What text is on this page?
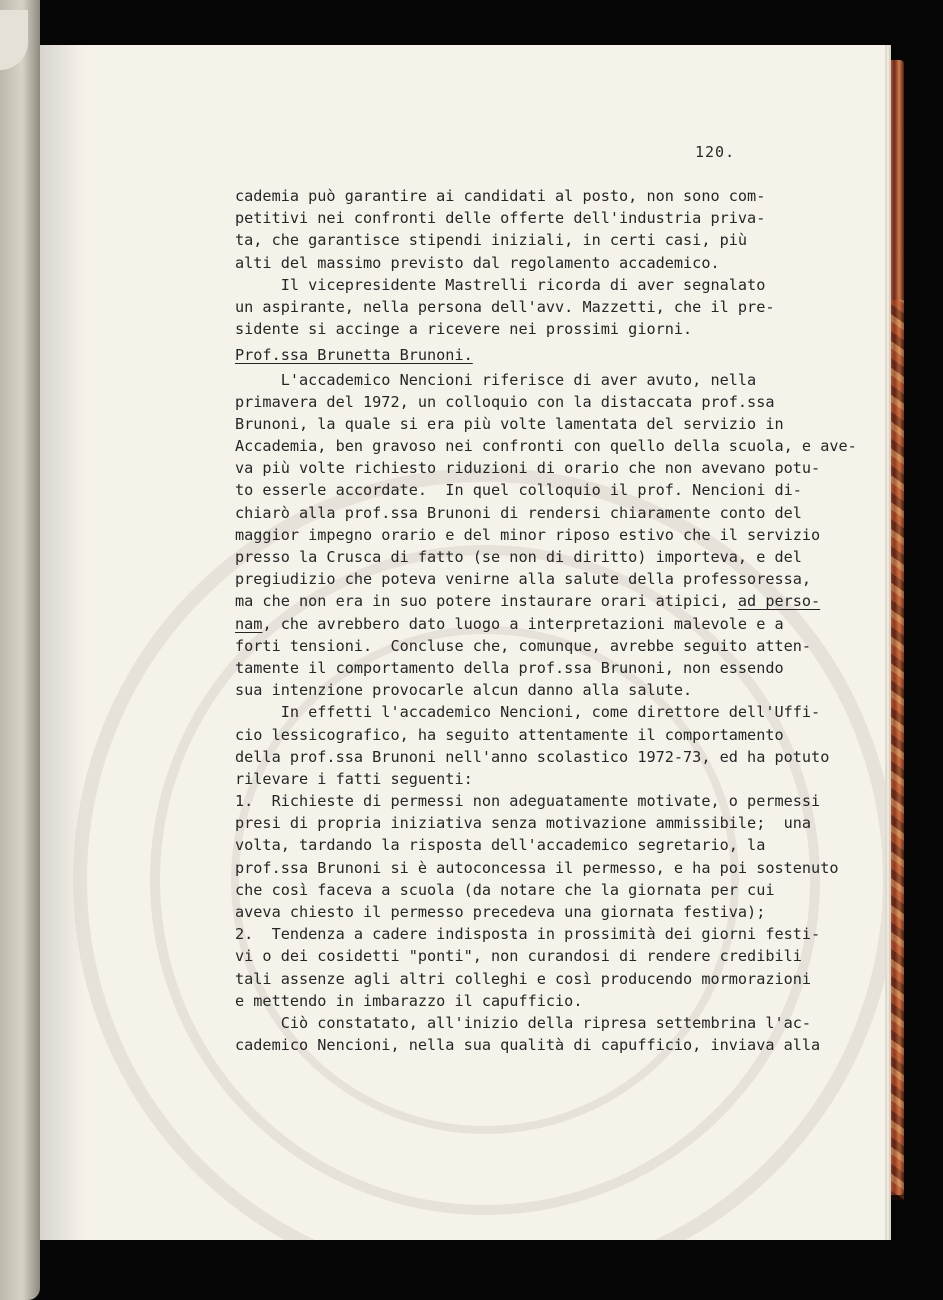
120.
cademia può garantire ai candidati al posto, non sono com-
petitivi nei confronti delle offerte dell'industria priva-
ta, che garantisce stipendi iniziali, in certi casi, più
alti del massimo previsto dal regolamento accademico.
Il vicepresidente Mastrelli ricorda di aver segnalato
un aspirante, nella persona dell'avv. Mazzetti, che il pre-
sidente si accinge a ricevere nei prossimi giorni.
Prof.ssa Brunetta Brunoni.
L'accademico Nencioni riferisce di aver avuto, nella
primavera del 1972, un colloquio con la distaccata prof.ssa
Brunoni, la quale si era più volte lamentata del servizio in
Accademia, ben gravoso nei confronti con quello della scuola, e ave-
va più volte richiesto riduzioni di orario che non avevano potu-
to esserle accordate.  In quel colloquio il prof. Nencioni di-
chiarò alla prof.ssa Brunoni di rendersi chiaramente conto del
maggior impegno orario e del minor riposo estivo che il servizio
presso la Crusca di fatto (se non di diritto) importeva, e del
pregiudizio che poteva venirne alla salute della professoressa,
ma che non era in suo potere instaurare orari atipici, ad perso-
nam, che avrebbero dato luogo a interpretazioni malevole e a
forti tensioni.  Concluse che, comunque, avrebbe seguito atten-
tamente il comportamento della prof.ssa Brunoni, non essendo
sua intenzione provocarle alcun danno alla salute.
In effetti l'accademico Nencioni, come direttore dell'Uffi-
cio lessicografico, ha seguito attentamente il comportamento
della prof.ssa Brunoni nell'anno scolastico 1972-73, ed ha potuto
rilevare i fatti seguenti:
1.  Richieste di permessi non adeguatamente motivate, o permessi
presi di propria iniziativa senza motivazione ammissibile;  una
volta, tardando la risposta dell'accademico segretario, la
prof.ssa Brunoni si è autoconcessa il permesso, e ha poi sostenuto
che così faceva a scuola (da notare che la giornata per cui
aveva chiesto il permesso precedeva una giornata festiva);
2.  Tendenza a cadere indisposta in prossimità dei giorni festi-
vi o dei cosidetti "ponti", non curandosi di rendere credibili
tali assenze agli altri colleghi e così producendo mormorazioni
e mettendo in imbarazzo il capufficio.
Ciò constatato, all'inizio della ripresa settembrina l'ac-
cademico Nencioni, nella sua qualità di capufficio, inviava alla
